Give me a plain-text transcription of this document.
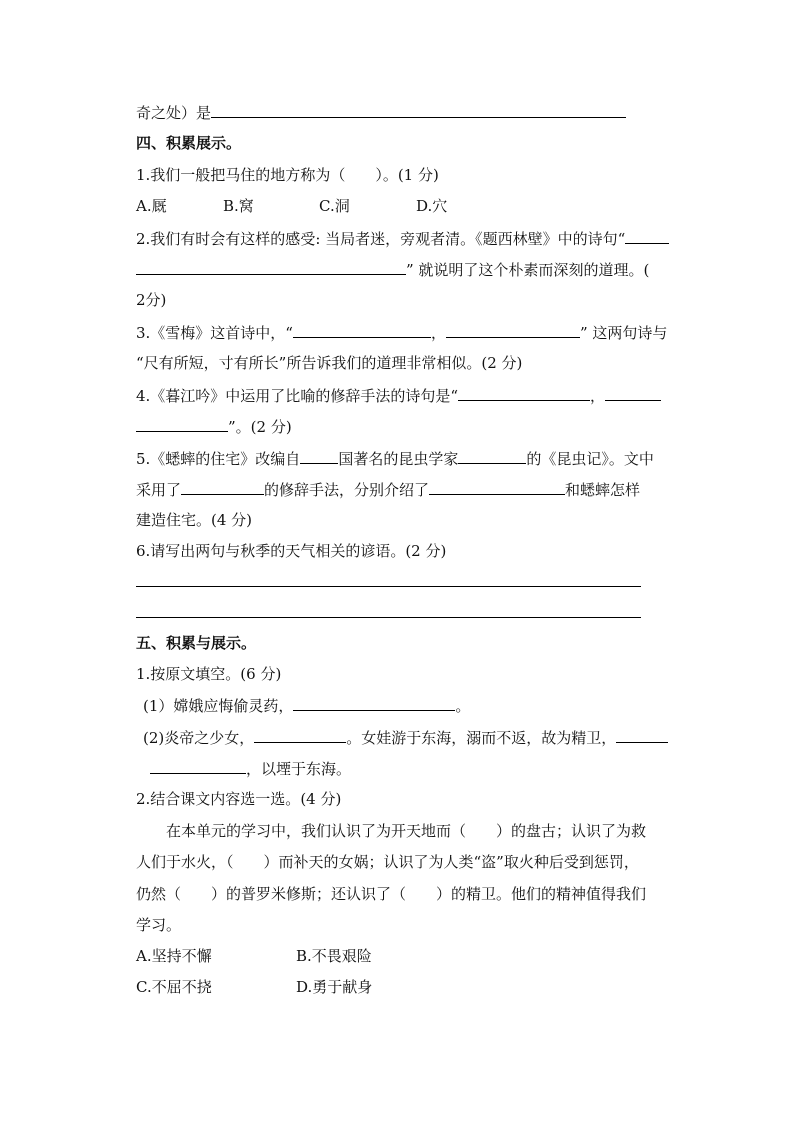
奇之处）是
四、积累展示。
1.我们一般把马住的地方称为（　　）。(1 分)
A.厩	B.窝	C.洞	D.穴
2.我们有时会有这样的感受: 当局者迷，旁观者清。《题西林壁》中的诗句“
” 就说明了这个朴素而深刻的道理。(
2分)
3.《雪梅》这首诗中，“	，	” 这两句诗与
“尺有所短，寸有所长”所告诉我们的道理非常相似。(2 分)
4.《暮江吟》中运用了比喻的修辞手法的诗句是“	，
”。(2 分)
5.《蟋蟀的住宅》改编自	国著名的昆虫学家	的《昆虫记》。文中
采用了	的修辞手法，分别介绍了	和蟋蟀怎样
建造住宅。(4 分)
6.请写出两句与秋季的天气相关的谚语。(2 分)
五、积累与展示。
1.按原文填空。(6 分)
(1）嫦娥应悔偷灵药，	。
(2)炎帝之少女，	。女娃游于东海，溺而不返，故为精卫，
，以堙于东海。
2.结合课文内容选一选。(4 分)
在本单元的学习中，我们认识了为开天地而（　　）的盘古；认识了为救
人们于水火，（　　）而补天的女娲；认识了为人类“盗”取火种后受到惩罚，
仍然（　　）的普罗米修斯；还认识了（　　）的精卫。他们的精神值得我们
学习。
A.坚持不懈	B.不畏艰险
C.不屈不挠	D.勇于献身
